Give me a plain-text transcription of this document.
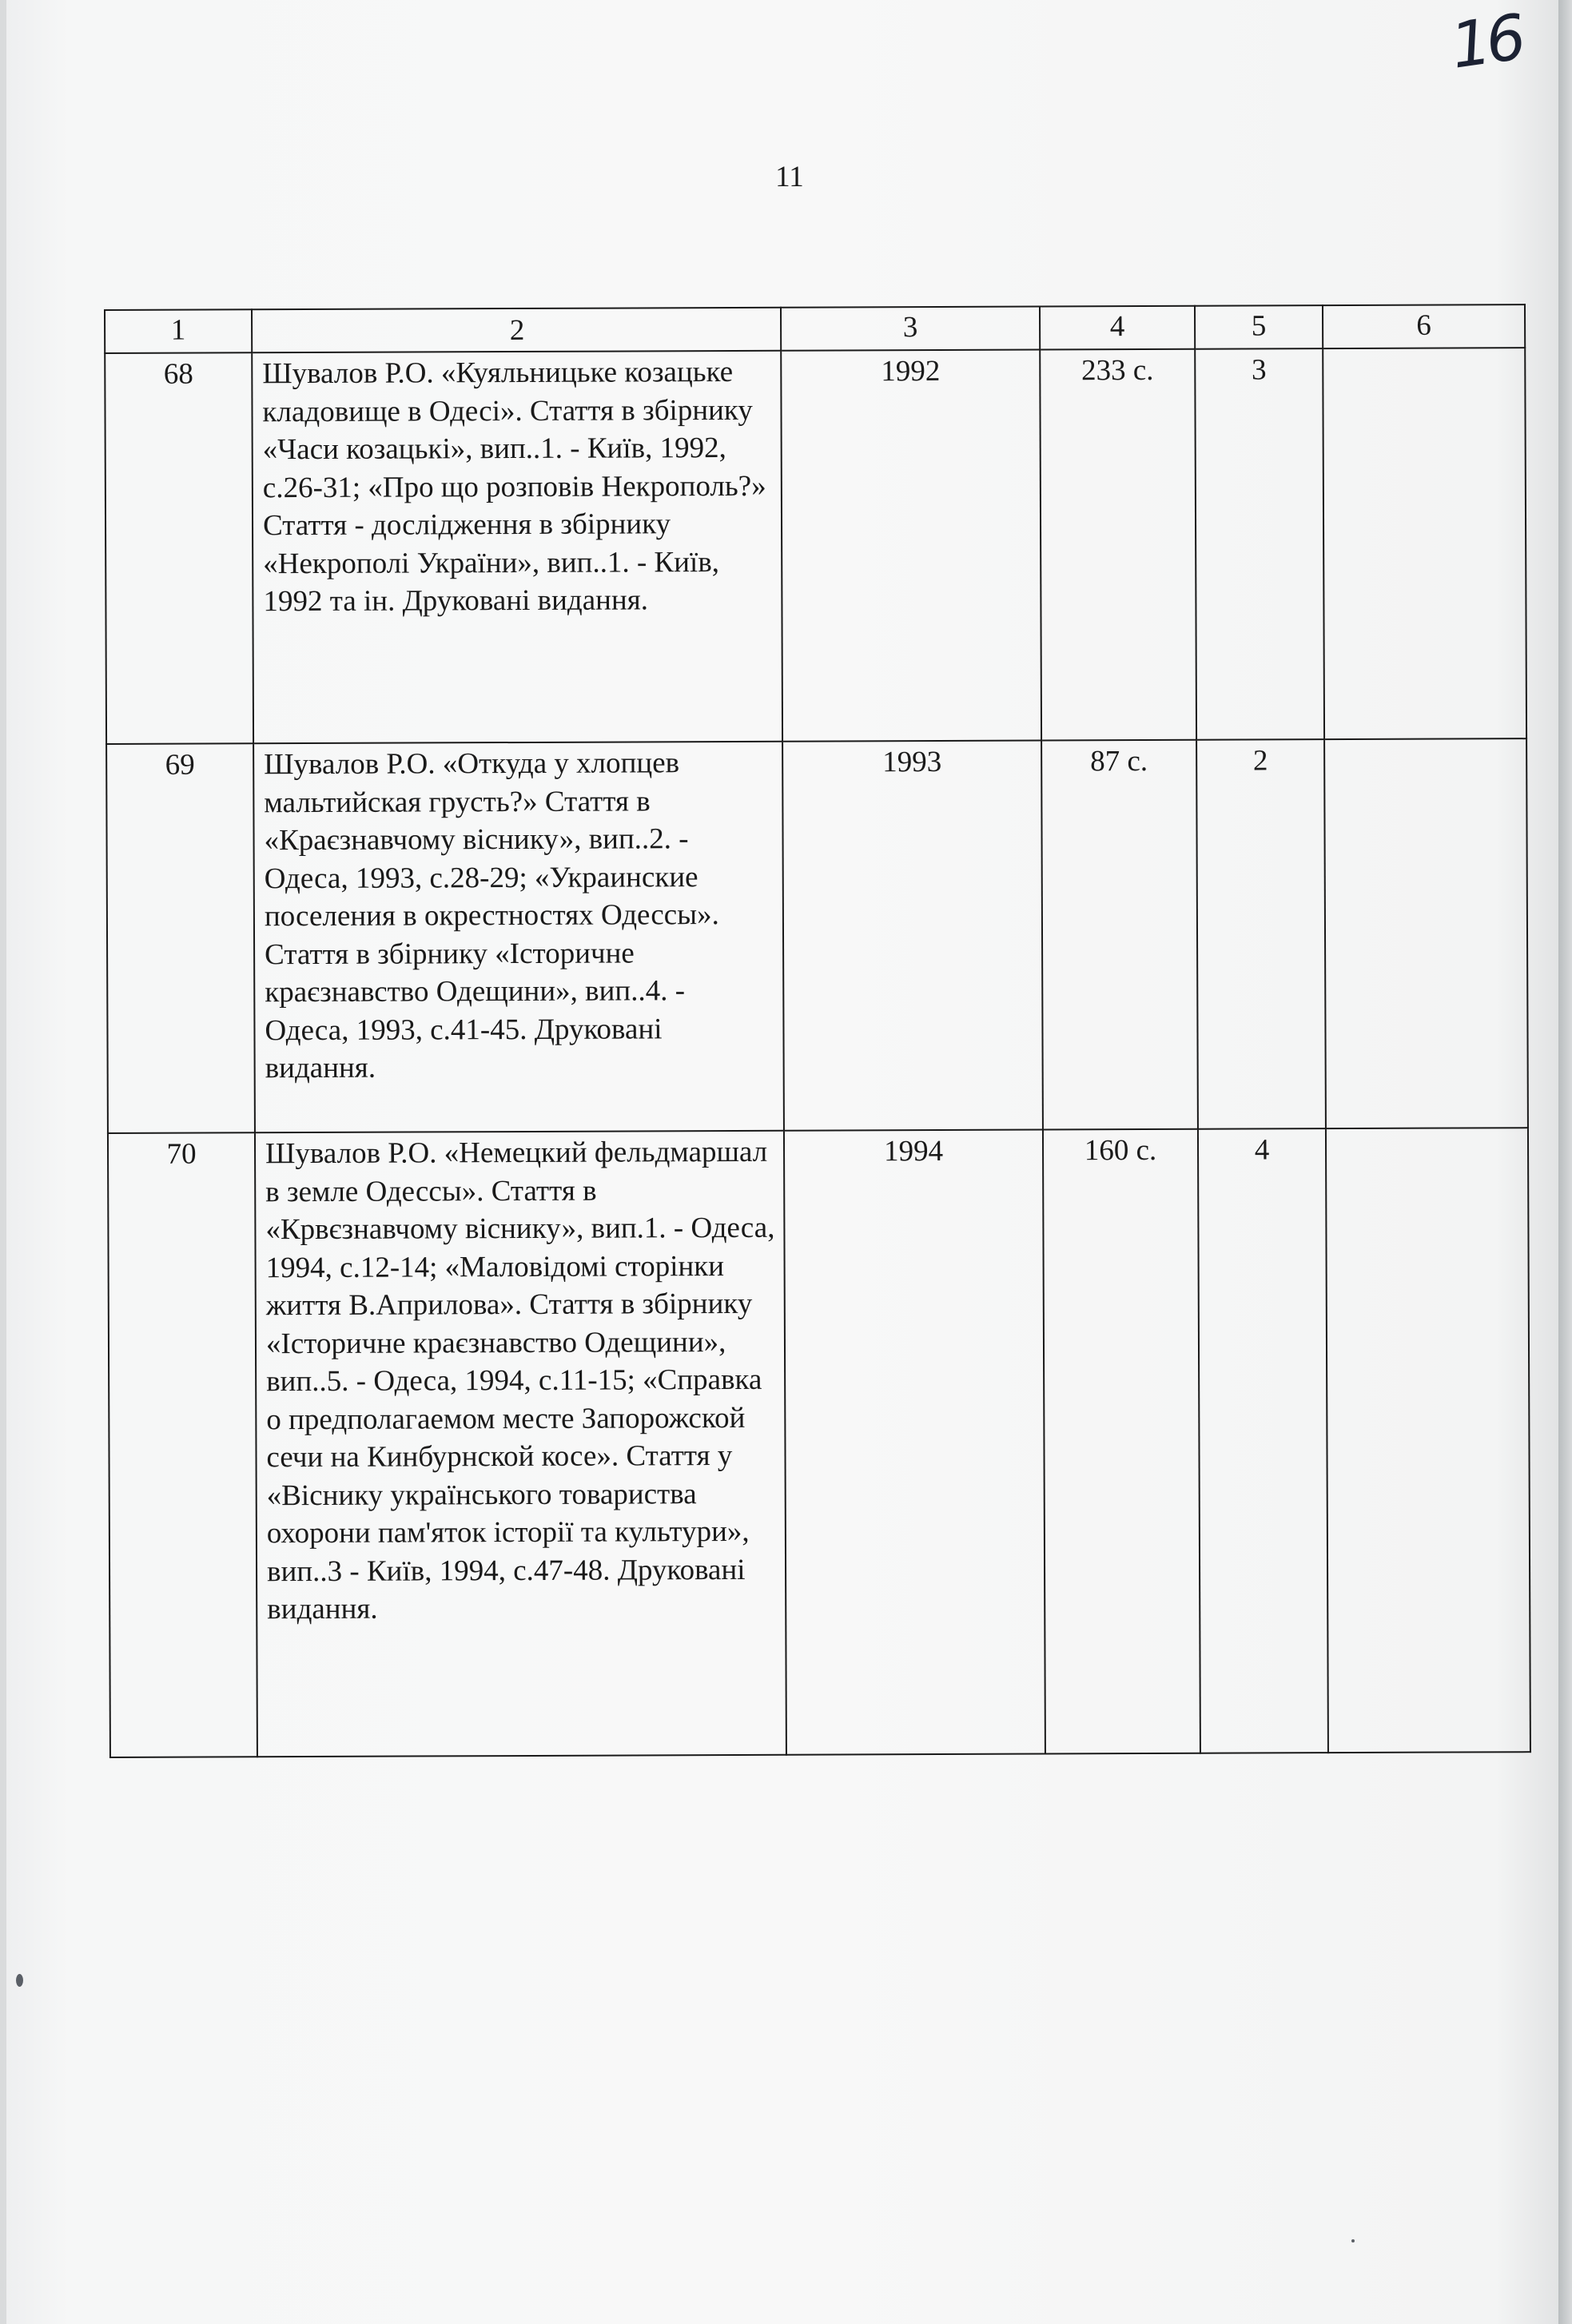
16
11
1	2	3	4	5	6
68	Шувалов Р.О. «Куяльницьке козацьке кладовище в Одесі». Стаття в збірнику «Часи козацькі», вип..1. - Київ, 1992, с.26-31; «Про що розповів Некрополь?» Стаття - дослідження в збірнику «Некрополі України», вип..1. - Київ, 1992 та ін. Друковані видання.	1992	233 с.	3	
69	Шувалов Р.О. «Откуда у хлопцев мальтийская грусть?» Стаття в «Краєзнавчому віснику», вип..2. - Одеса, 1993, с.28-29; «Украинские поселения в окрестностях Одессы». Стаття в збірнику «Історичне краєзнавство Одещини», вип..4. - Одеса, 1993, с.41-45. Друковані видання.	1993	87 с.	2	
70	Шувалов Р.О. «Немецкий фельдмаршал в земле Одессы». Стаття в «Крвєзнавчому віснику», вип.1. - Одеса, 1994, с.12-14; «Маловідомі сторінки життя В.Априлова». Стаття в збірнику «Історичне краєзнавство Одещини», вип..5. - Одеса, 1994, с.11-15; «Справка о предполагаемом месте Запорожской сечи на Кинбурнской косе». Стаття у «Віснику українського товариства охорони пам'яток історії та культури», вип..3 - Київ, 1994, с.47-48. Друковані видання.	1994	160 с.	4	
